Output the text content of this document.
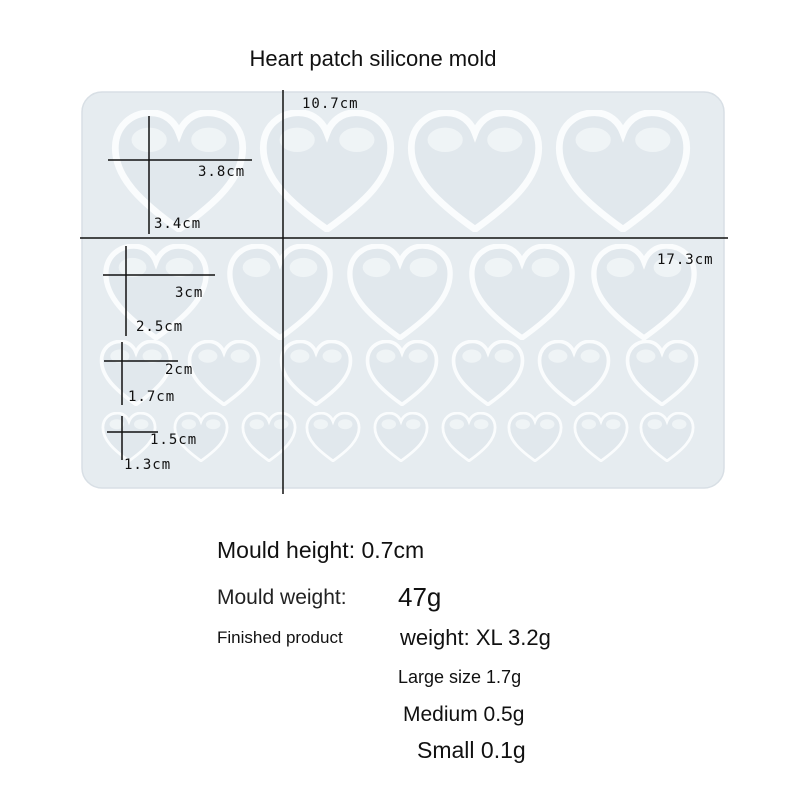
Heart patch silicone mold
10.7cm
17.3cm
3.8cm
3.4cm
3cm
2.5cm
2cm
1.7cm
1.5cm
1.3cm
Mould height: 0.7cm
Mould weight: 47g
Finished product	weight: XL 3.2g
Large size 1.7g
Medium 0.5g
Small 0.1g
